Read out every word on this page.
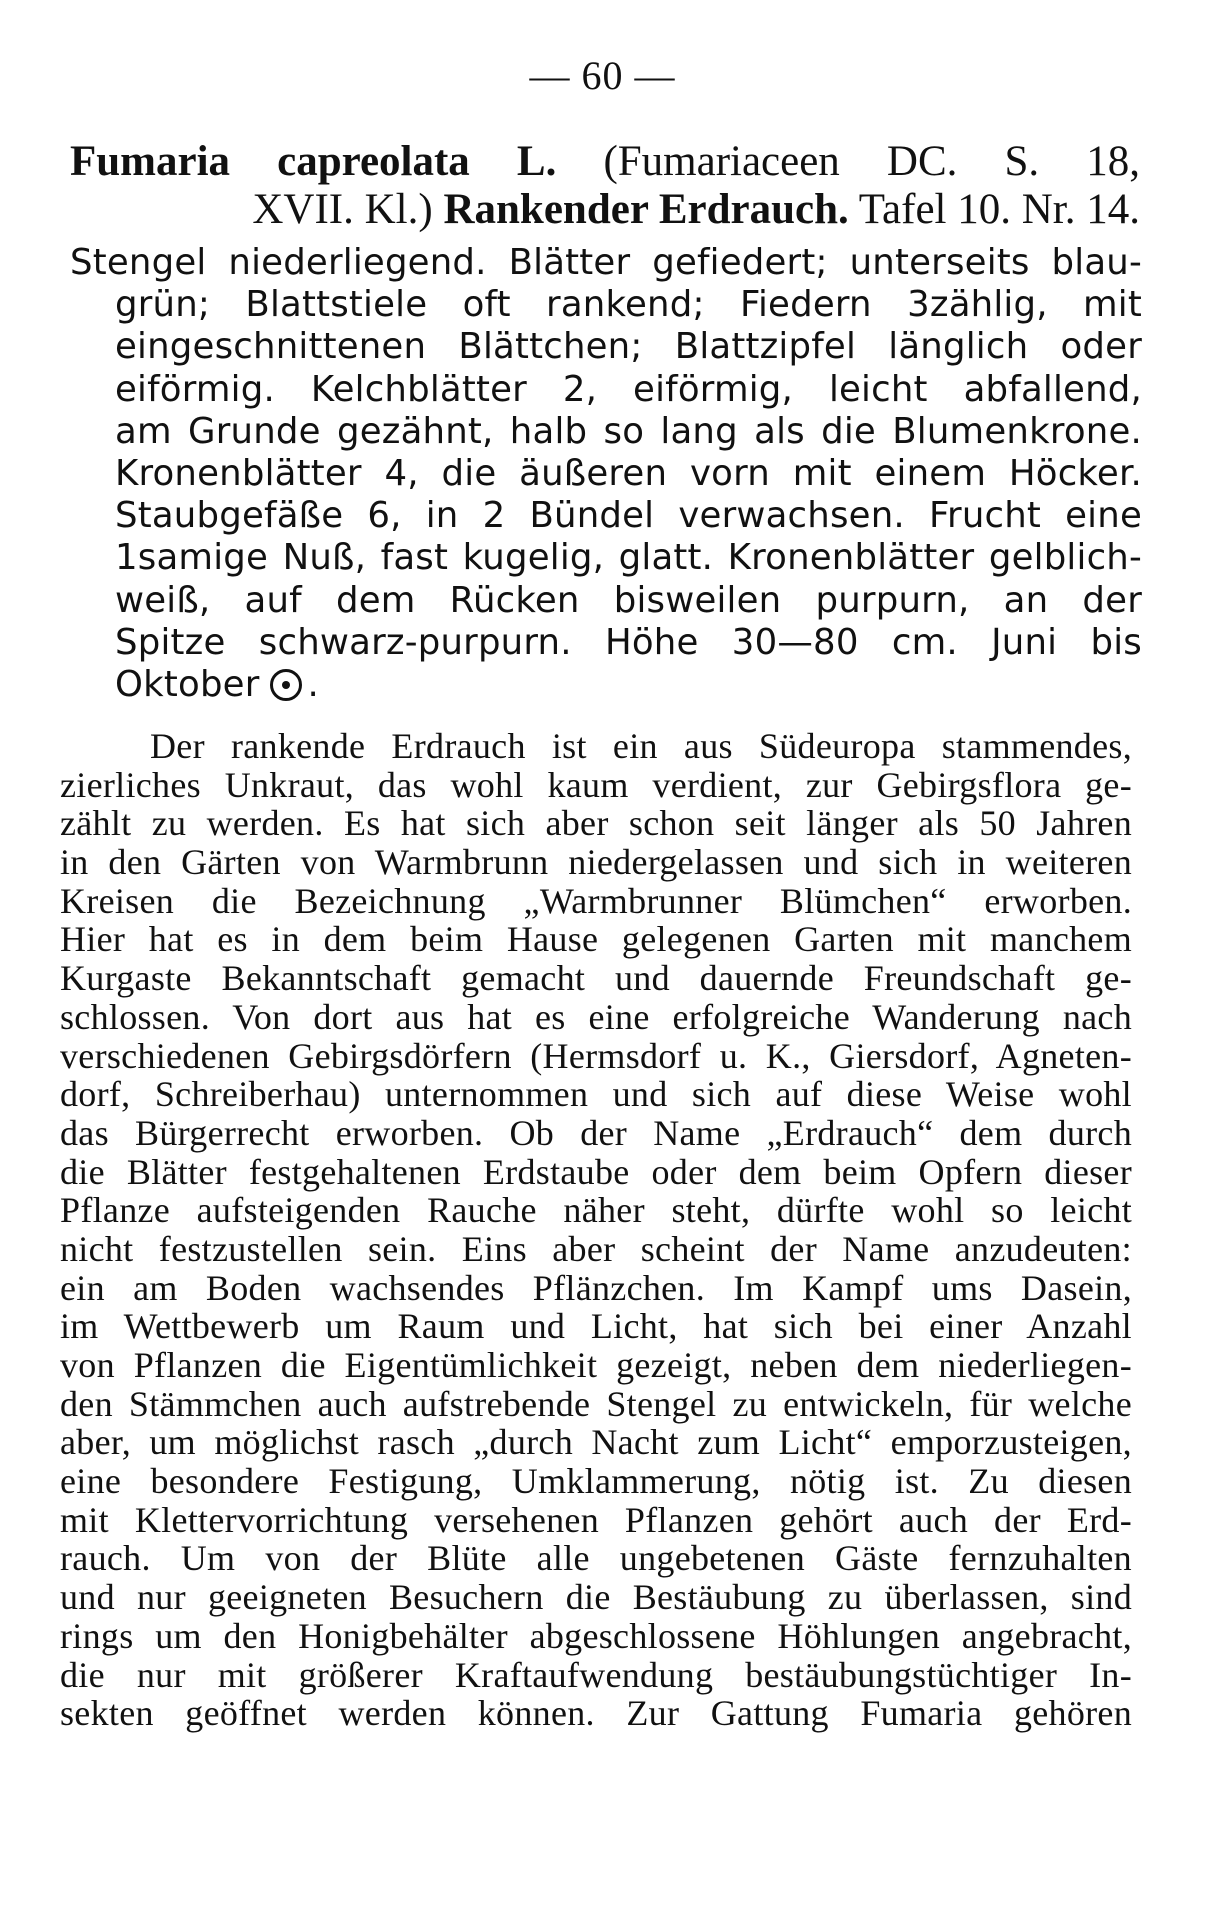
— 60 —
Fumaria capreolata L. (Fumariaceen DC. S. 18,
XVII. Kl.) Rankender Erdrauch. Tafel 10. Nr. 14.
Stengel niederliegend. Blätter gefiedert; unterseits blau-
grün; Blattstiele oft rankend; Fiedern 3zählig, mit
eingeschnittenen Blättchen; Blattzipfel länglich oder
eiförmig. Kelchblätter 2, eiförmig, leicht abfallend,
am Grunde gezähnt, halb so lang als die Blumenkrone.
Kronenblätter 4, die äußeren vorn mit einem Höcker.
Staubgefäße 6, in 2 Bündel verwachsen. Frucht eine
1samige Nuß, fast kugelig, glatt. Kronenblätter gelblich-
weiß, auf dem Rücken bisweilen purpurn, an der
Spitze schwarz-purpurn. Höhe 30—80 cm. Juni bis
Oktober .
Der rankende Erdrauch ist ein aus Südeuropa stammendes,
zierliches Unkraut, das wohl kaum verdient, zur Gebirgsflora ge-
zählt zu werden. Es hat sich aber schon seit länger als 50 Jahren
in den Gärten von Warmbrunn niedergelassen und sich in weiteren
Kreisen die Bezeichnung „Warmbrunner Blümchen“ erworben.
Hier hat es in dem beim Hause gelegenen Garten mit manchem
Kurgaste Bekanntschaft gemacht und dauernde Freundschaft ge-
schlossen. Von dort aus hat es eine erfolgreiche Wanderung nach
verschiedenen Gebirgsdörfern (Hermsdorf u. K., Giersdorf, Agneten-
dorf, Schreiberhau) unternommen und sich auf diese Weise wohl
das Bürgerrecht erworben. Ob der Name „Erdrauch“ dem durch
die Blätter festgehaltenen Erdstaube oder dem beim Opfern dieser
Pflanze aufsteigenden Rauche näher steht, dürfte wohl so leicht
nicht festzustellen sein. Eins aber scheint der Name anzudeuten:
ein am Boden wachsendes Pflänzchen. Im Kampf ums Dasein,
im Wettbewerb um Raum und Licht, hat sich bei einer Anzahl
von Pflanzen die Eigentümlichkeit gezeigt, neben dem niederliegen-
den Stämmchen auch aufstrebende Stengel zu entwickeln, für welche
aber, um möglichst rasch „durch Nacht zum Licht“ emporzusteigen,
eine besondere Festigung, Umklammerung, nötig ist. Zu diesen
mit Klettervorrichtung versehenen Pflanzen gehört auch der Erd-
rauch. Um von der Blüte alle ungebetenen Gäste fernzuhalten
und nur geeigneten Besuchern die Bestäubung zu überlassen, sind
rings um den Honigbehälter abgeschlossene Höhlungen angebracht,
die nur mit größerer Kraftaufwendung bestäubungstüchtiger In-
sekten geöffnet werden können. Zur Gattung Fumaria gehören
